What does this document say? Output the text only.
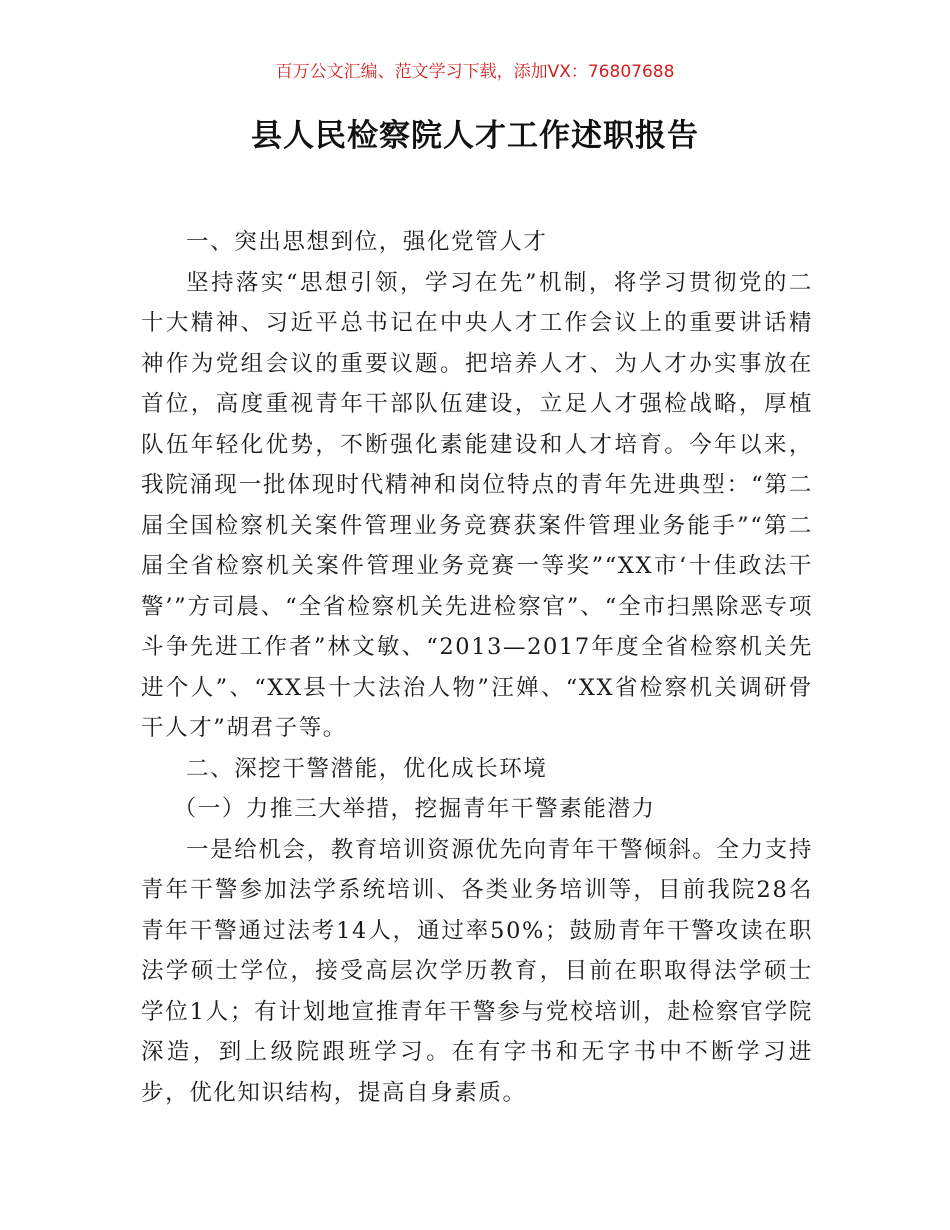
百万公文汇编、范文学习下载，添加VX：76807688
县人民检察院人才工作述职报告

一、突出思想到位，强化党管人才

坚持落实“思想引领，学习在先”机制，将学习贯彻党的二十大精神、习近平总书记在中央人才工作会议上的重要讲话精神作为党组会议的重要议题。把培养人才、为人才办实事放在首位，高度重视青年干部队伍建设，立足人才强检战略，厚植队伍年轻化优势，不断强化素能建设和人才培育。今年以来，我院涌现一批体现时代精神和岗位特点的青年先进典型：“第二届全国检察机关案件管理业务竞赛获案件管理业务能手”“第二届全省检察机关案件管理业务竞赛一等奖”“XX市‘十佳政法干警’”方司晨、“全省检察机关先进检察官”、“全市扫黑除恶专项斗争先进工作者”林文敏、“2013—2017年度全省检察机关先进个人”、“XX县十大法治人物”汪婵、“XX省检察机关调研骨干人才”胡君子等。

二、深挖干警潜能，优化成长环境

（一）力推三大举措，挖掘青年干警素能潜力

一是给机会，教育培训资源优先向青年干警倾斜。全力支持青年干警参加法学系统培训、各类业务培训等，目前我院28名青年干警通过法考14人，通过率50%；鼓励青年干警攻读在职法学硕士学位，接受高层次学历教育，目前在职取得法学硕士学位1人；有计划地宣推青年干警参与党校培训，赴检察官学院深造，到上级院跟班学习。在有字书和无字书中不断学习进步，优化知识结构，提高自身素质。
